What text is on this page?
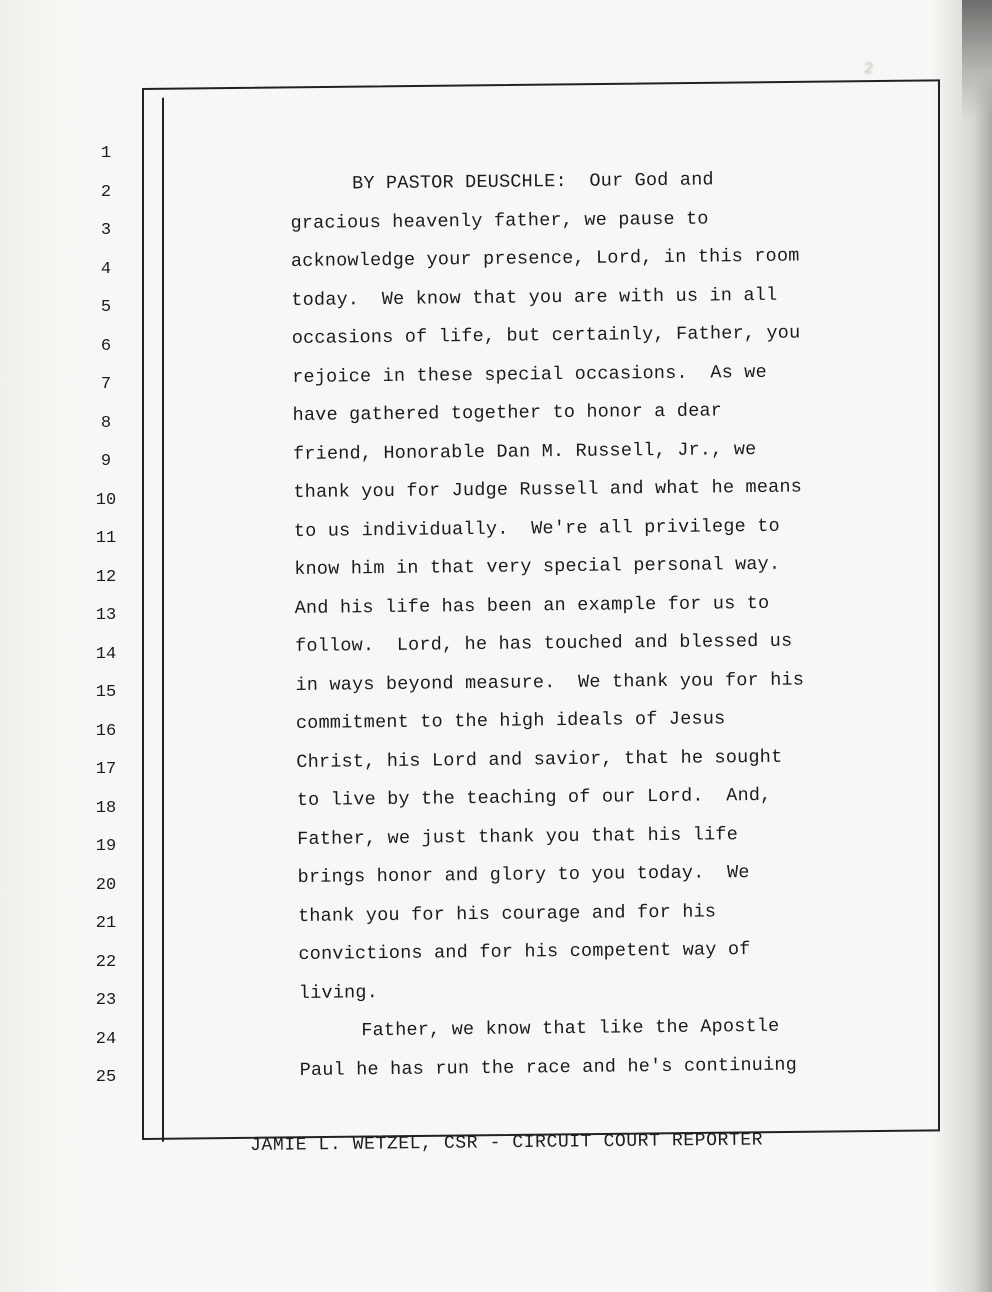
2
1
2
3
4
5
6
7
8
9
10
11
12
13
14
15
16
17
18
19
20
21
22
23
24
25
BY PASTOR DEUSCHLE:  Our God and
gracious heavenly father, we pause to
acknowledge your presence, Lord, in this room
today.  We know that you are with us in all
occasions of life, but certainly, Father, you
rejoice in these special occasions.  As we
have gathered together to honor a dear
friend, Honorable Dan M. Russell, Jr., we
thank you for Judge Russell and what he means
to us individually.  We're all privilege to
know him in that very special personal way.
And his life has been an example for us to
follow.  Lord, he has touched and blessed us
in ways beyond measure.  We thank you for his
commitment to the high ideals of Jesus
Christ, his Lord and savior, that he sought
to live by the teaching of our Lord.  And,
Father, we just thank you that his life
brings honor and glory to you today.  We
thank you for his courage and for his
convictions and for his competent way of
living.
Father, we know that like the Apostle
Paul he has run the race and he's continuing
JAMIE L. WETZEL, CSR - CIRCUIT COURT REPORTER
